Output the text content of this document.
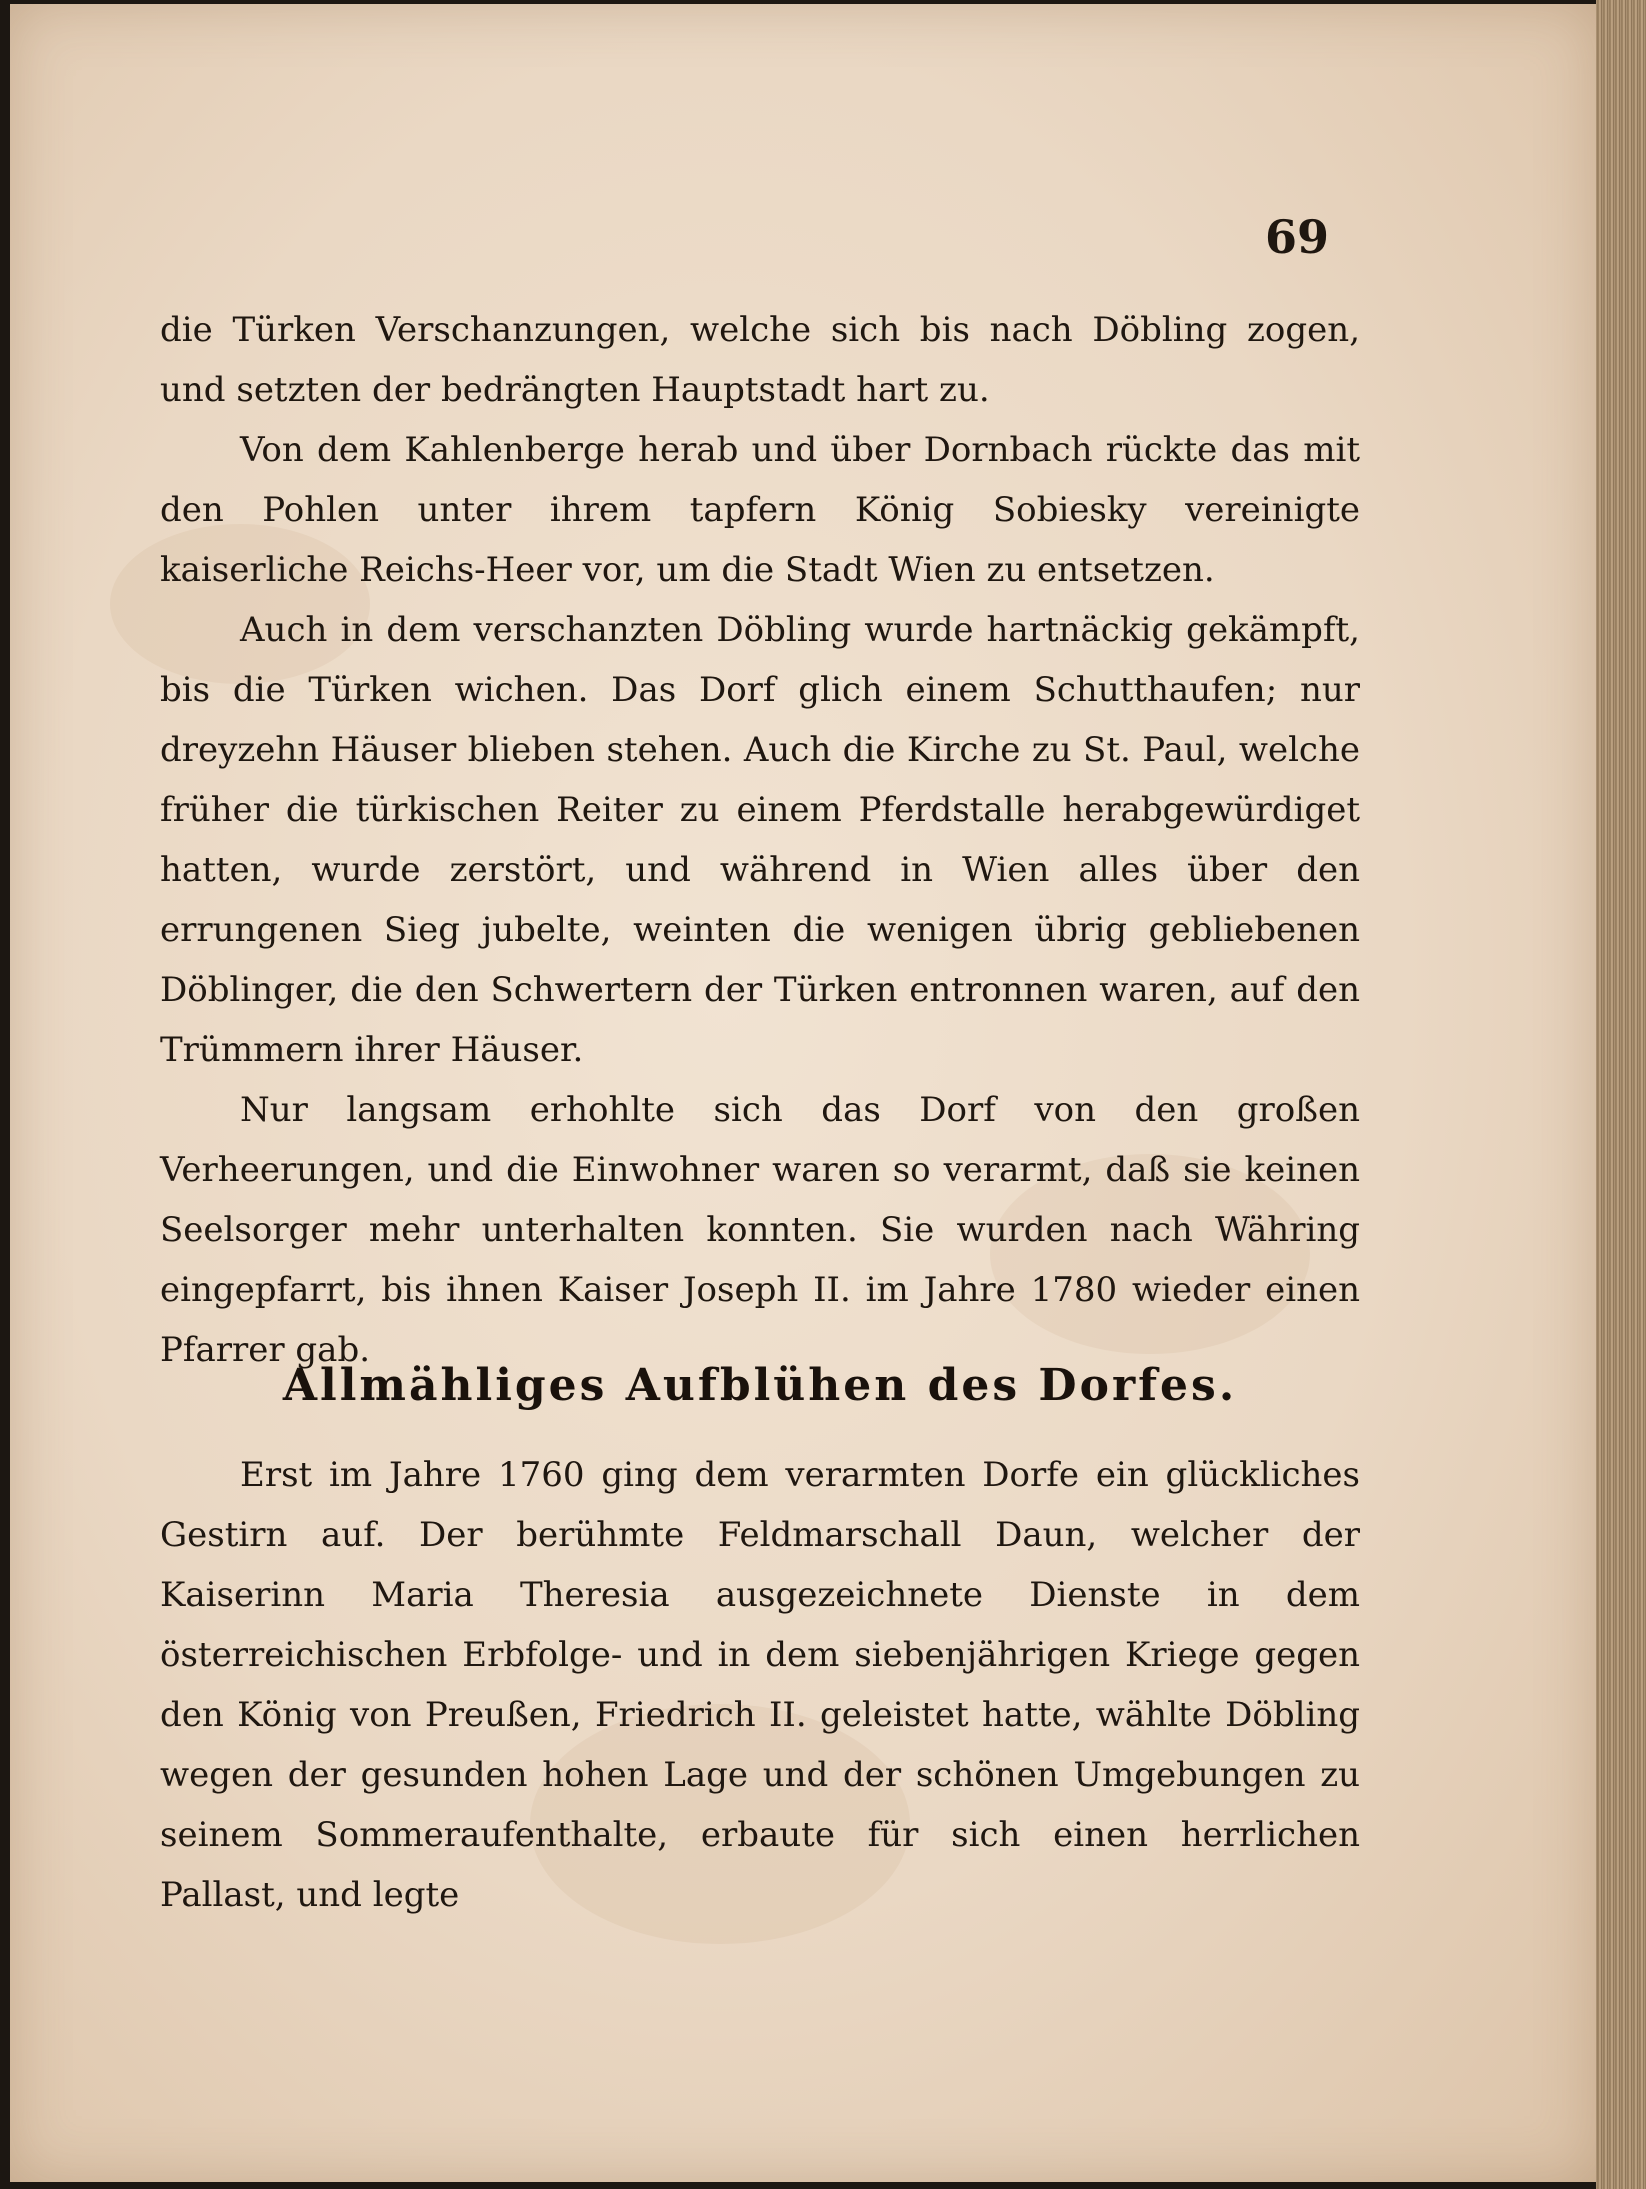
69

die Türken Verschanzungen, welche sich bis nach Döbling zogen, und setzten der bedrängten Hauptstadt hart zu.

Von dem Kahlenberge herab und über Dornbach rückte das mit den Pohlen unter ihrem tapfern König Sobiesky vereinigte kaiserliche Reichs-Heer vor, um die Stadt Wien zu entsetzen.

Auch in dem verschanzten Döbling wurde hartnäckig gekämpft, bis die Türken wichen. Das Dorf glich einem Schutthaufen; nur dreyzehn Häuser blieben stehen. Auch die Kirche zu St. Paul, welche früher die türkischen Reiter zu einem Pferdstalle herabgewürdiget hatten, wurde zerstört, und während in Wien alles über den errungenen Sieg jubelte, weinten die wenigen übrig gebliebenen Döblinger, die den Schwertern der Türken entronnen waren, auf den Trümmern ihrer Häuser.

Nur langsam erhohlte sich das Dorf von den großen Verheerungen, und die Einwohner waren so verarmt, daß sie keinen Seelsorger mehr unterhalten konnten. Sie wurden nach Währing eingepfarrt, bis ihnen Kaiser Joseph II. im Jahre 1780 wieder einen Pfarrer gab.

Allmähliges Aufblühen des Dorfes.

Erst im Jahre 1760 ging dem verarmten Dorfe ein glückliches Gestirn auf. Der berühmte Feldmarschall Daun, welcher der Kaiserinn Maria Theresia ausgezeichnete Dienste in dem österreichischen Erbfolge- und in dem siebenjährigen Kriege gegen den König von Preußen, Friedrich II. geleistet hatte, wählte Döbling wegen der gesunden hohen Lage und der schönen Umgebungen zu seinem Sommeraufenthalte, erbaute für sich einen herrlichen Pallast, und legte
